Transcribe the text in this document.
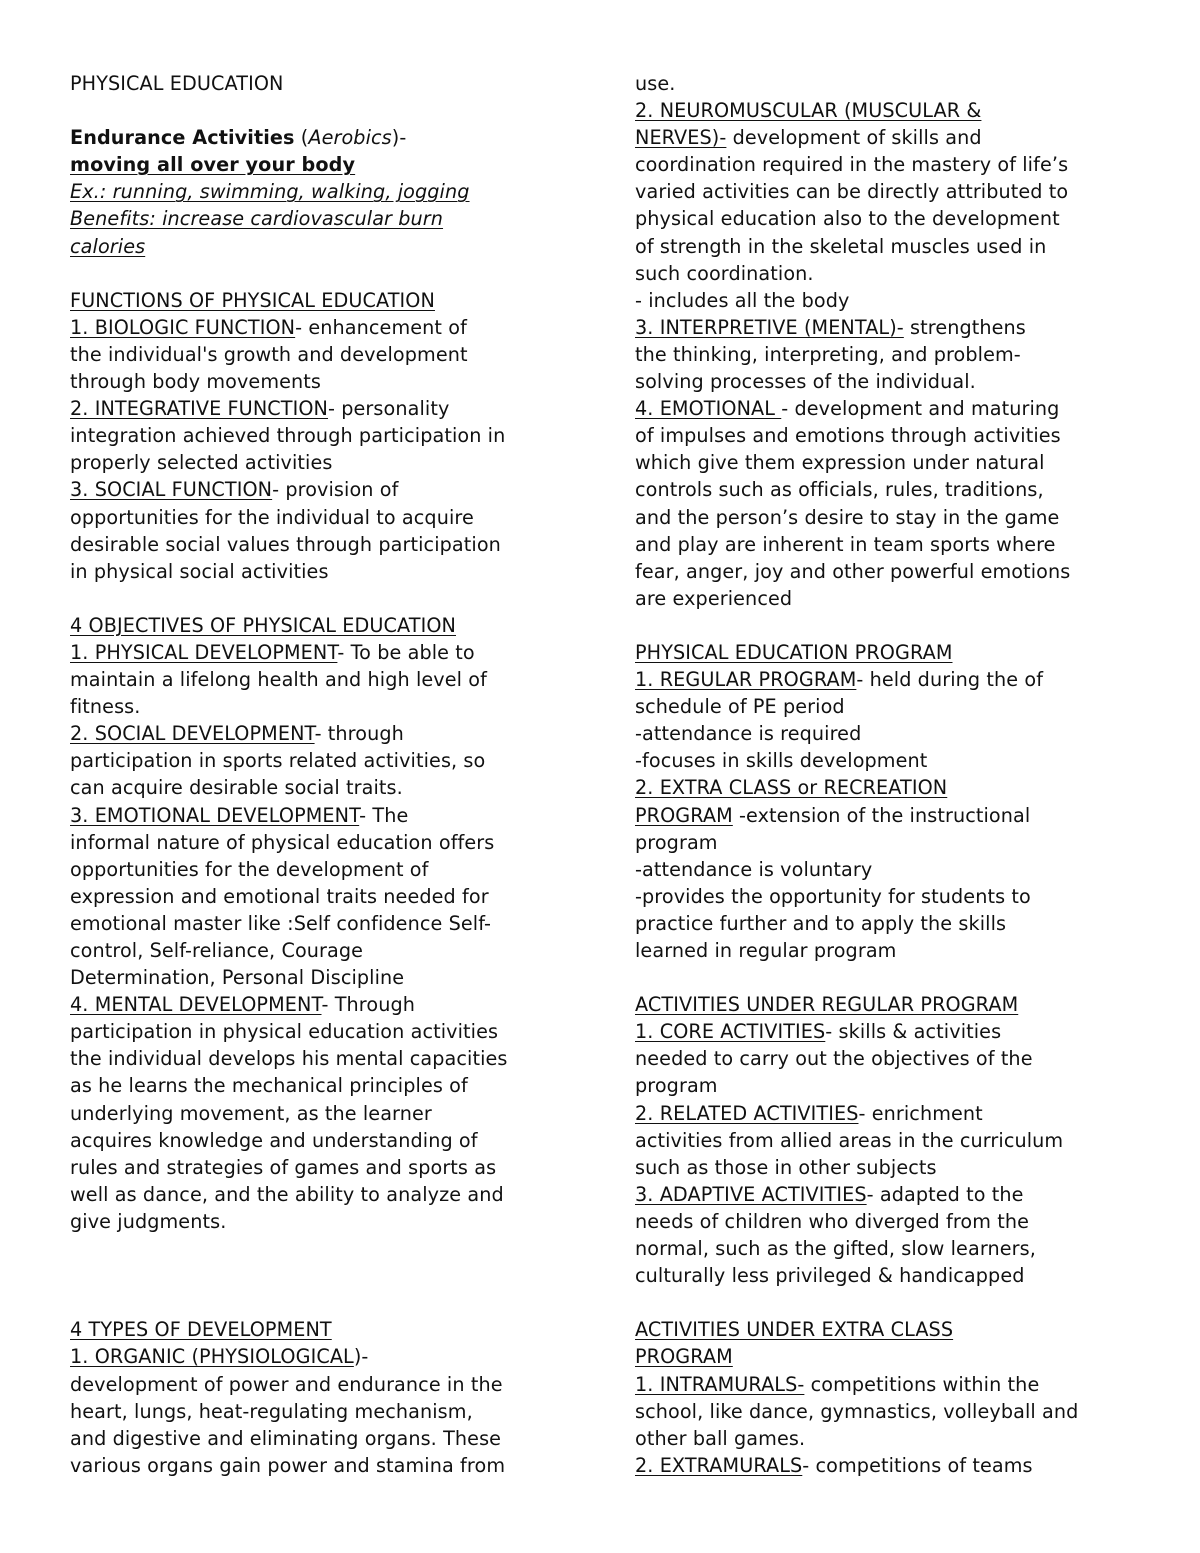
PHYSICAL EDUCATION
Endurance Activities (Aerobics)-
moving all over your body
Ex.: running, swimming, walking, jogging
Benefits: increase cardiovascular burn
calories
FUNCTIONS OF PHYSICAL EDUCATION
1. BIOLOGIC FUNCTION- enhancement of
the individual's growth and development
through body movements
2. INTEGRATIVE FUNCTION- personality
integration achieved through participation in
properly selected activities
3. SOCIAL FUNCTION- provision of
opportunities for the individual to acquire
desirable social values through participation
in physical social activities
4 OBJECTIVES OF PHYSICAL EDUCATION
1. PHYSICAL DEVELOPMENT- To be able to
maintain a lifelong health and high level of
fitness.
2. SOCIAL DEVELOPMENT- through
participation in sports related activities, so
can acquire desirable social traits.
3. EMOTIONAL DEVELOPMENT- The
informal nature of physical education offers
opportunities for the development of
expression and emotional traits needed for
emotional master like :Self confidence Self-
control, Self-reliance, Courage
Determination, Personal Discipline
4. MENTAL DEVELOPMENT- Through
participation in physical education activities
the individual develops his mental capacities
as he learns the mechanical principles of
underlying movement, as the learner
acquires knowledge and understanding of
rules and strategies of games and sports as
well as dance, and the ability to analyze and
give judgments.
4 TYPES OF DEVELOPMENT
1. ORGANIC (PHYSIOLOGICAL)-
development of power and endurance in the
heart, lungs, heat-regulating mechanism,
and digestive and eliminating organs. These
various organs gain power and stamina from
use.
2. NEUROMUSCULAR (MUSCULAR &
NERVES)- development of skills and
coordination required in the mastery of life’s
varied activities can be directly attributed to
physical education also to the development
of strength in the skeletal muscles used in
such coordination.
- includes all the body
3. INTERPRETIVE (MENTAL)- strengthens
the thinking, interpreting, and problem-
solving processes of the individual.
4. EMOTIONAL - development and maturing
of impulses and emotions through activities
which give them expression under natural
controls such as officials, rules, traditions,
and the person’s desire to stay in the game
and play are inherent in team sports where
fear, anger, joy and other powerful emotions
are experienced
PHYSICAL EDUCATION PROGRAM
1. REGULAR PROGRAM- held during the of
schedule of PE period
-attendance is required
-focuses in skills development
2. EXTRA CLASS or RECREATION
PROGRAM -extension of the instructional
program
-attendance is voluntary
-provides the opportunity for students to
practice further and to apply the skills
learned in regular program
ACTIVITIES UNDER REGULAR PROGRAM
1. CORE ACTIVITIES- skills & activities
needed to carry out the objectives of the
program
2. RELATED ACTIVITIES- enrichment
activities from allied areas in the curriculum
such as those in other subjects
3. ADAPTIVE ACTIVITIES- adapted to the
needs of children who diverged from the
normal, such as the gifted, slow learners,
culturally less privileged & handicapped
ACTIVITIES UNDER EXTRA CLASS
PROGRAM
1. INTRAMURALS- competitions within the
school, like dance, gymnastics, volleyball and
other ball games.
2. EXTRAMURALS- competitions of teams
